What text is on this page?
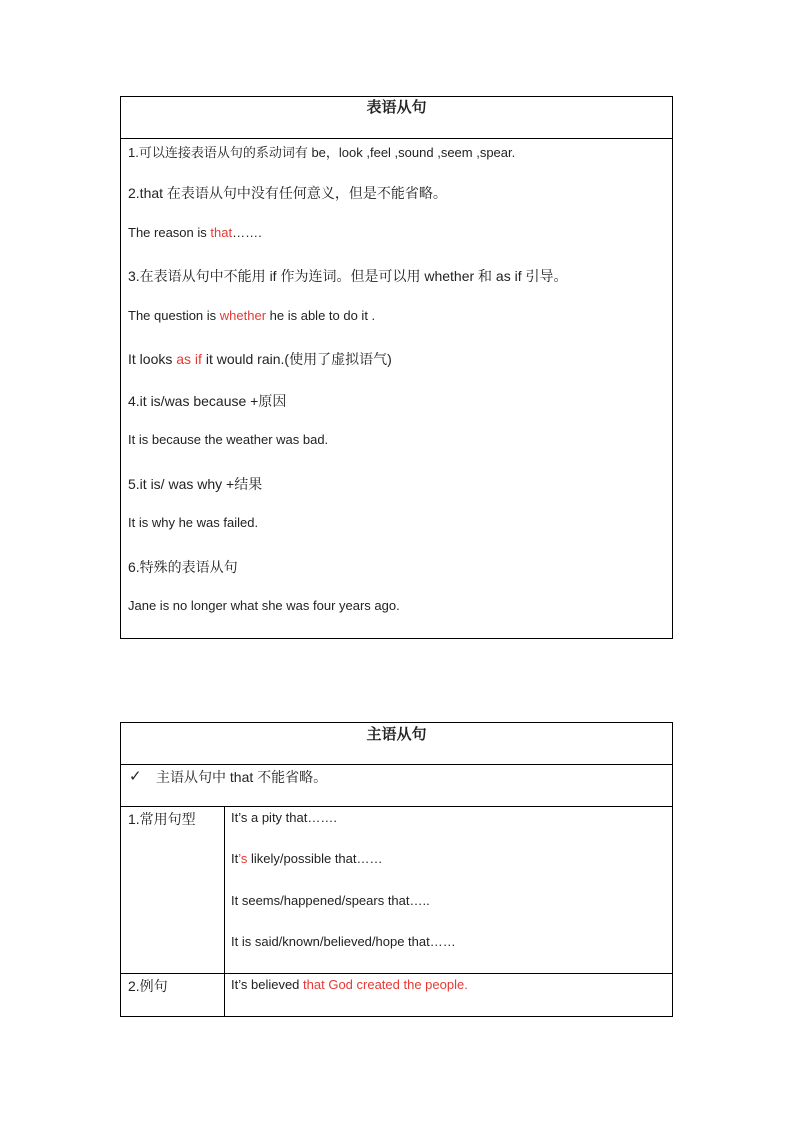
表语从句
1.可以连接表语从句的系动词有 be，look ,feel ,sound ,seem ,spear.
2.that 在表语从句中没有任何意义，但是不能省略。
The reason is that…….
3.在表语从句中不能用 if 作为连词。但是可以用 whether 和 as if 引导。
The question is whether he is able to do it .
It looks as if it would rain.(使用了虚拟语气)
4.it is/was because +原因
It is because the weather was bad.
5.it is/ was why +结果
It is why he was failed.
6.特殊的表语从句
Jane is no longer what she was four years ago.
主语从句
✓ 主语从句中 that 不能省略。
1.常用句型	It’s a pity that…….
It’s likely/possible that……
It seems/happened/spears that…..
It is said/known/believed/hope that……
2.例句	It’s believed that God created the people.
